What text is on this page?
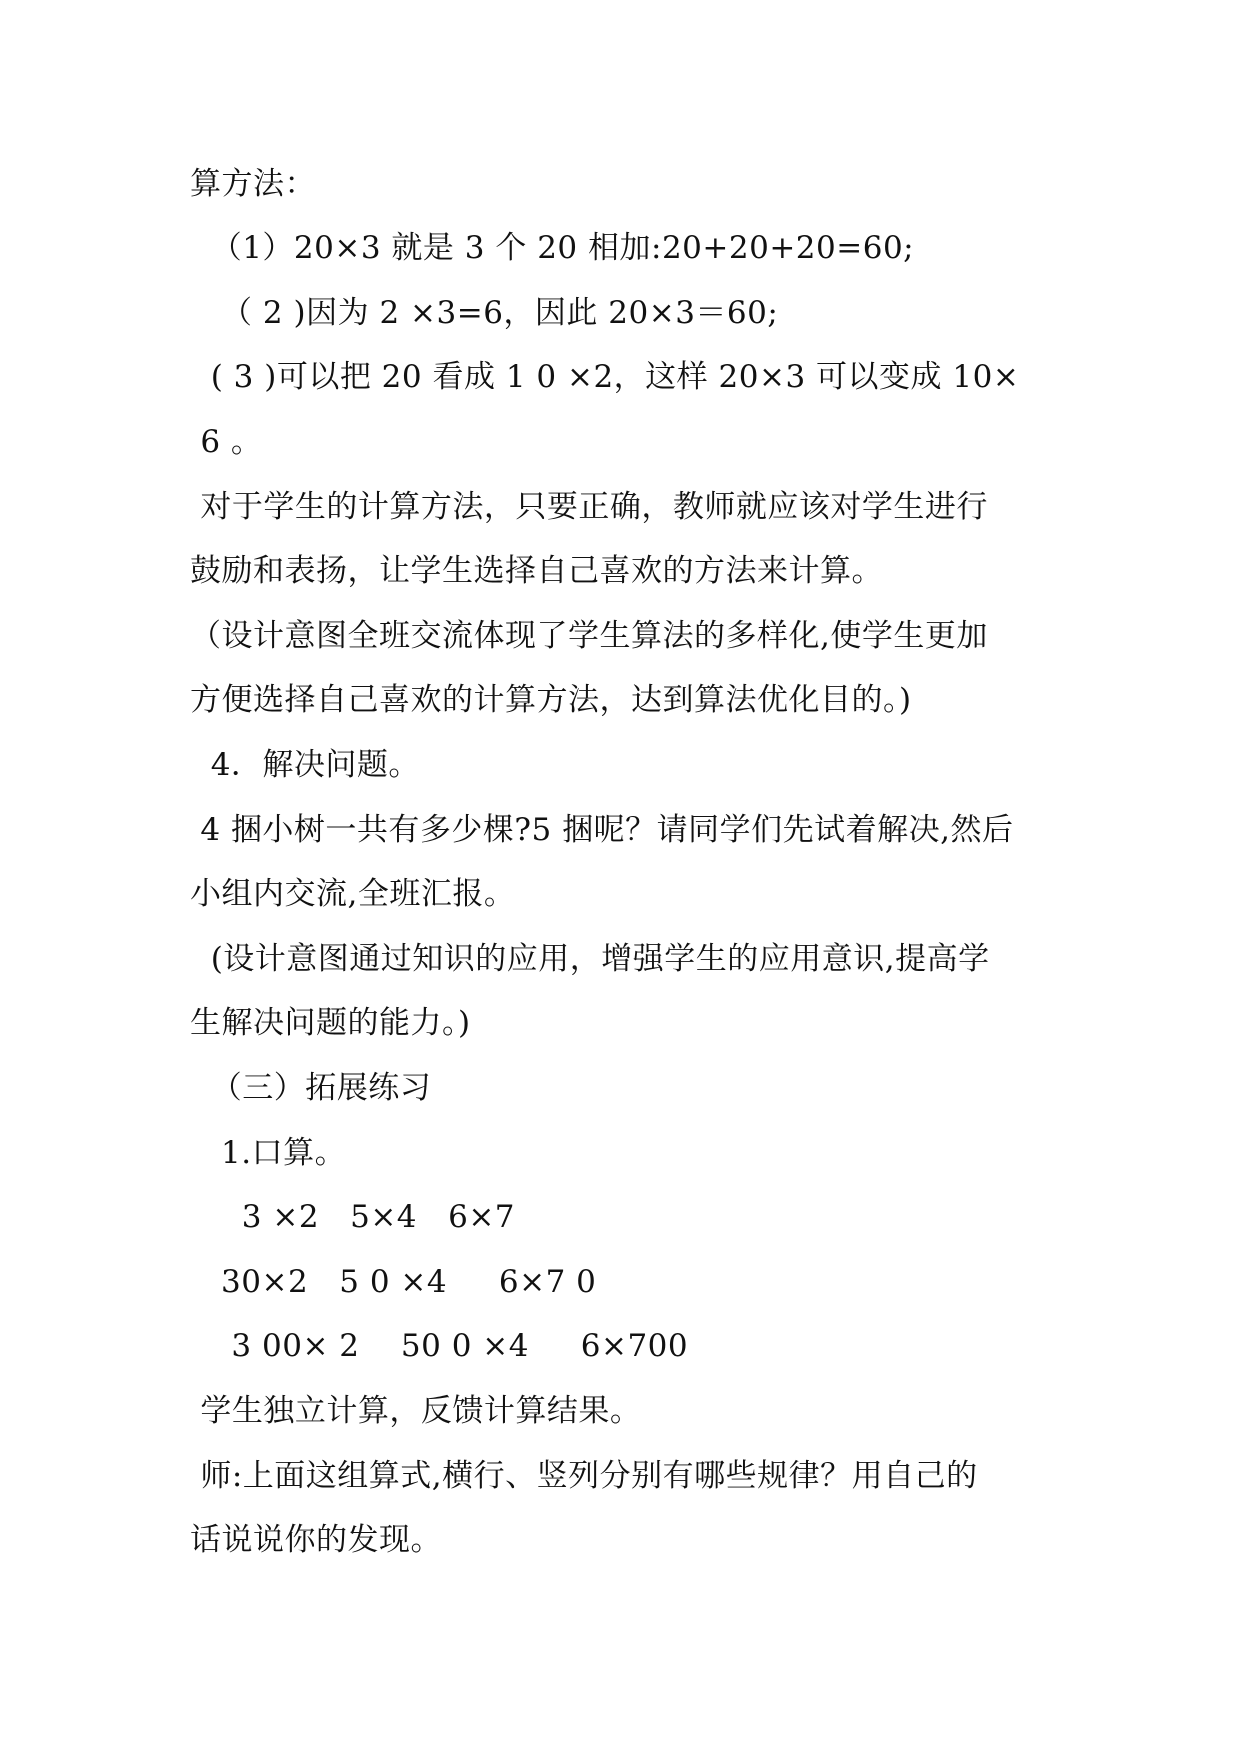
算方法：
（1）20×3 就是 3 个 20 相加:20+20+20=60;
（ 2 )因为 2 ×3=6，因此 20×3＝60;
( 3 )可以把 20 看成 1 0 ×2，这样 20×3 可以变成 10×
6 。
对于学生的计算方法，只要正确，教师就应该对学生进行
鼓励和表扬，让学生选择自己喜欢的方法来计算。
（设计意图全班交流体现了学生算法的多样化,使学生更加
方便选择自己喜欢的计算方法，达到算法优化目的。)
4．解决问题。
4 捆小树一共有多少棵?5 捆呢？请同学们先试着解决,然后
小组内交流,全班汇报。
(设计意图通过知识的应用，增强学生的应用意识,提高学
生解决问题的能力。)
（三）拓展练习
1.口算。
3 ×2   5×4   6×7
30×2   5 0 ×4     6×7 0
3 00× 2    50 0 ×4     6×700
学生独立计算，反馈计算结果。
师:上面这组算式,横行、竖列分别有哪些规律？用自己的
话说说你的发现。
